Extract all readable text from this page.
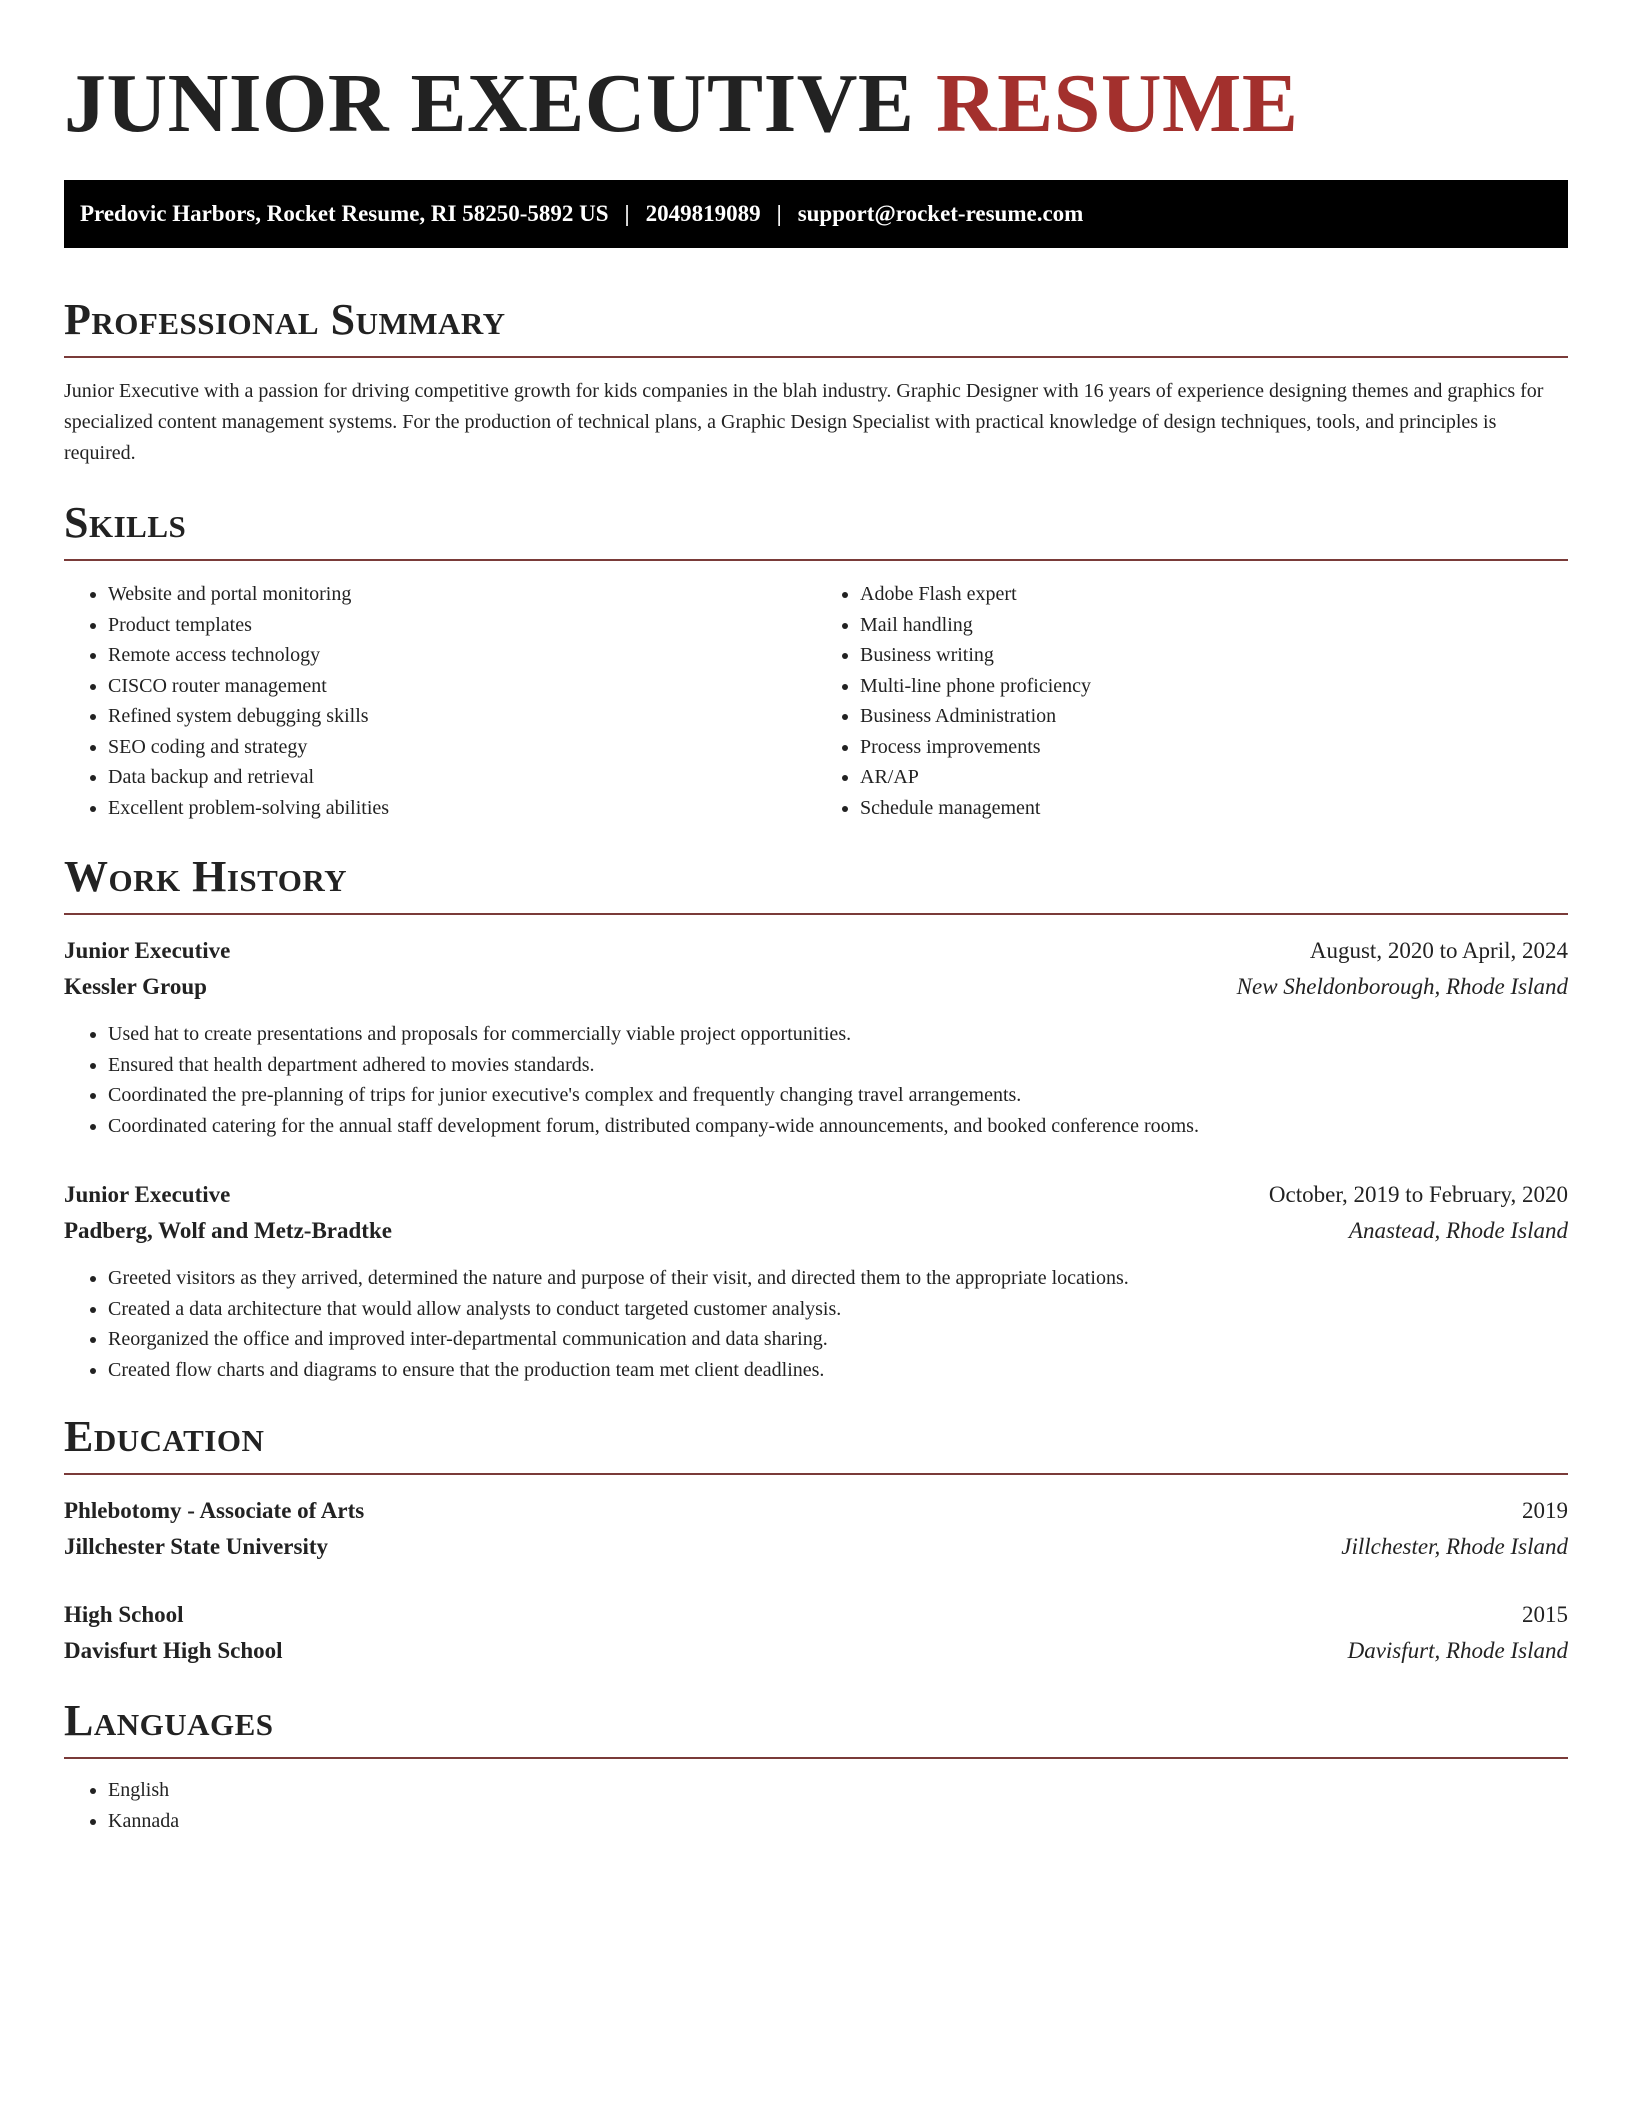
JUNIOR EXECUTIVE RESUME
Predovic Harbors, Rocket Resume, RI 58250-5892 US | 2049819089 | support@rocket-resume.com
Professional Summary

Junior Executive with a passion for driving competitive growth for kids companies in the blah industry. Graphic Designer with 16 years of experience designing themes and graphics for specialized content management systems. For the production of technical plans, a Graphic Design Specialist with practical knowledge of design techniques, tools, and principles is required.

Skills
• Website and portal monitoring
• Product templates
• Remote access technology
• CISCO router management
• Refined system debugging skills
• SEO coding and strategy
• Data backup and retrieval
• Excellent problem-solving abilities
• Adobe Flash expert
• Mail handling
• Business writing
• Multi-line phone proficiency
• Business Administration
• Process improvements
• AR/AP
• Schedule management
Work History
Junior Executive	August, 2020 to April, 2024
Kessler Group	New Sheldonborough, Rhode Island
• Used hat to create presentations and proposals for commercially viable project opportunities.
• Ensured that health department adhered to movies standards.
• Coordinated the pre-planning of trips for junior executive's complex and frequently changing travel arrangements.
• Coordinated catering for the annual staff development forum, distributed company-wide announcements, and booked conference rooms.
Junior Executive	October, 2019 to February, 2020
Padberg, Wolf and Metz-Bradtke	Anastead, Rhode Island
• Greeted visitors as they arrived, determined the nature and purpose of their visit, and directed them to the appropriate locations.
• Created a data architecture that would allow analysts to conduct targeted customer analysis.
• Reorganized the office and improved inter-departmental communication and data sharing.
• Created flow charts and diagrams to ensure that the production team met client deadlines.
Education
Phlebotomy - Associate of Arts	2019
Jillchester State University	Jillchester, Rhode Island
High School	2015
Davisfurt High School	Davisfurt, Rhode Island
Languages
• English
• Kannada
